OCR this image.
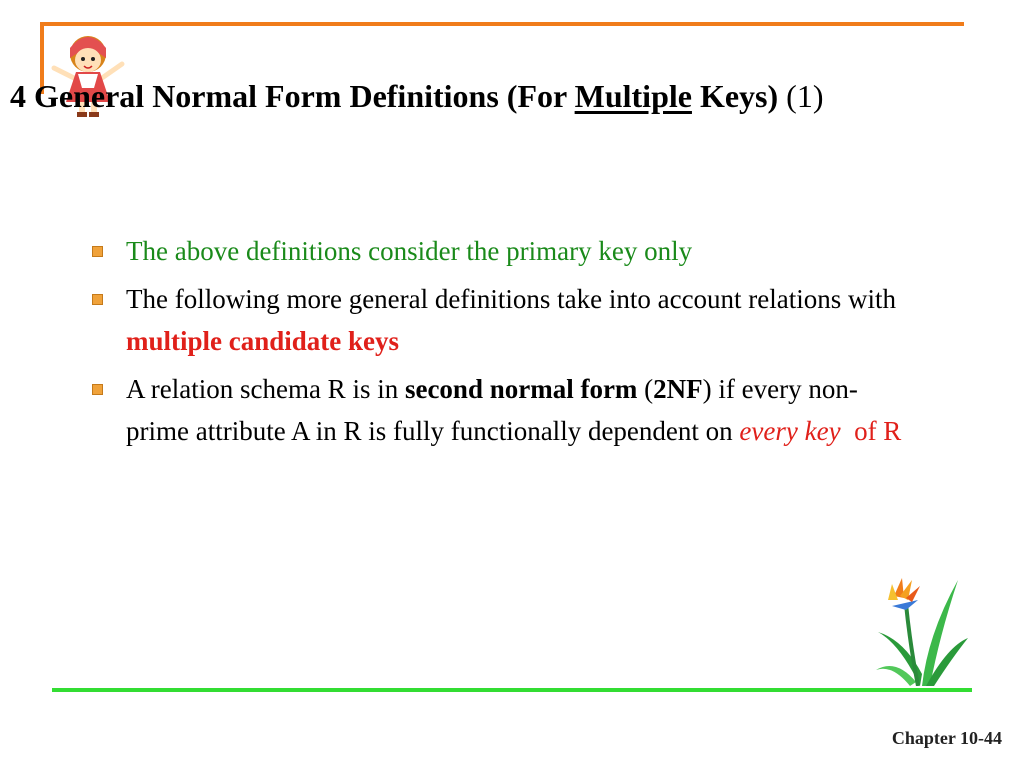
4 General Normal Form Definitions (For Multiple Keys) (1)
The above definitions consider the primary key only
The following more general definitions take into account relations with multiple candidate keys
A relation schema R is in second normal form (2NF) if every non-prime attribute A in R is fully functionally dependent on every key  of R
Chapter 10-44
